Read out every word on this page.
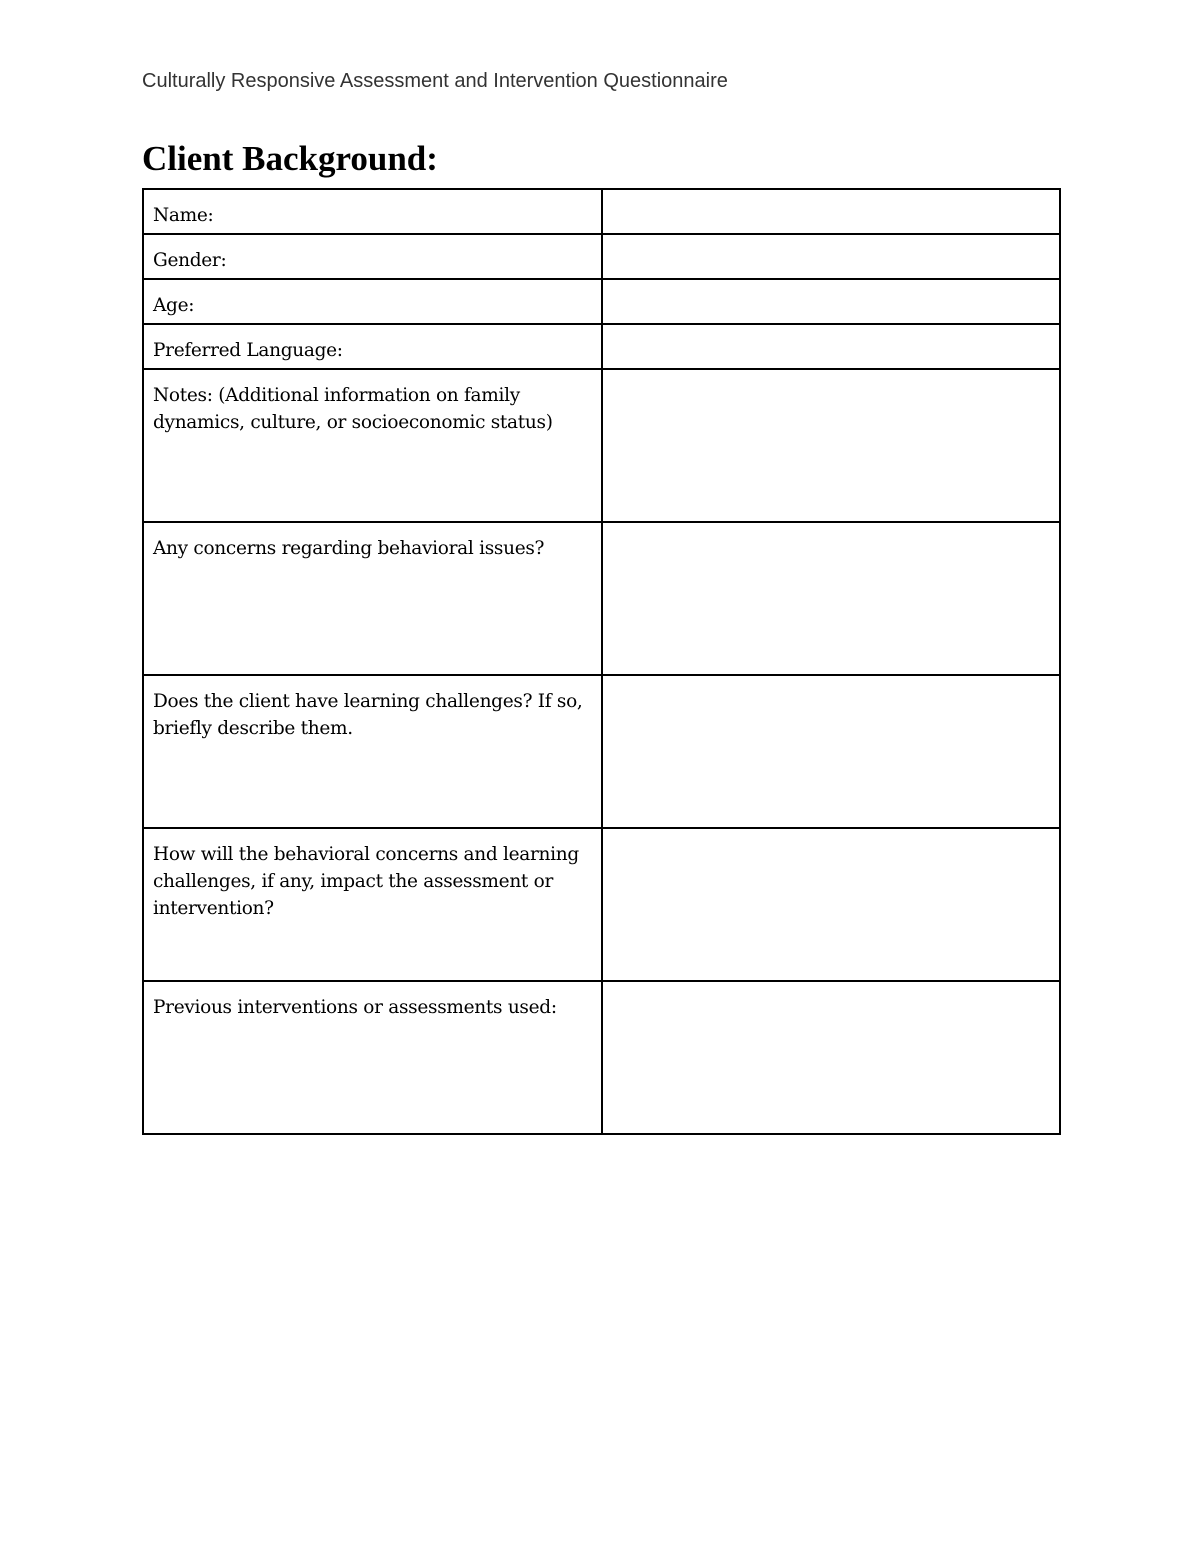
Culturally Responsive Assessment and Intervention Questionnaire
Client Background:
Name:	

Gender:	

Age:	

Preferred Language:	

Notes: (Additional information on family dynamics, culture, or socioeconomic status)	

Any concerns regarding behavioral issues?	

Does the client have learning challenges? If so, briefly describe them.	

How will the behavioral concerns and learning challenges, if any, impact the assessment or intervention?	

Previous interventions or assessments used:	
